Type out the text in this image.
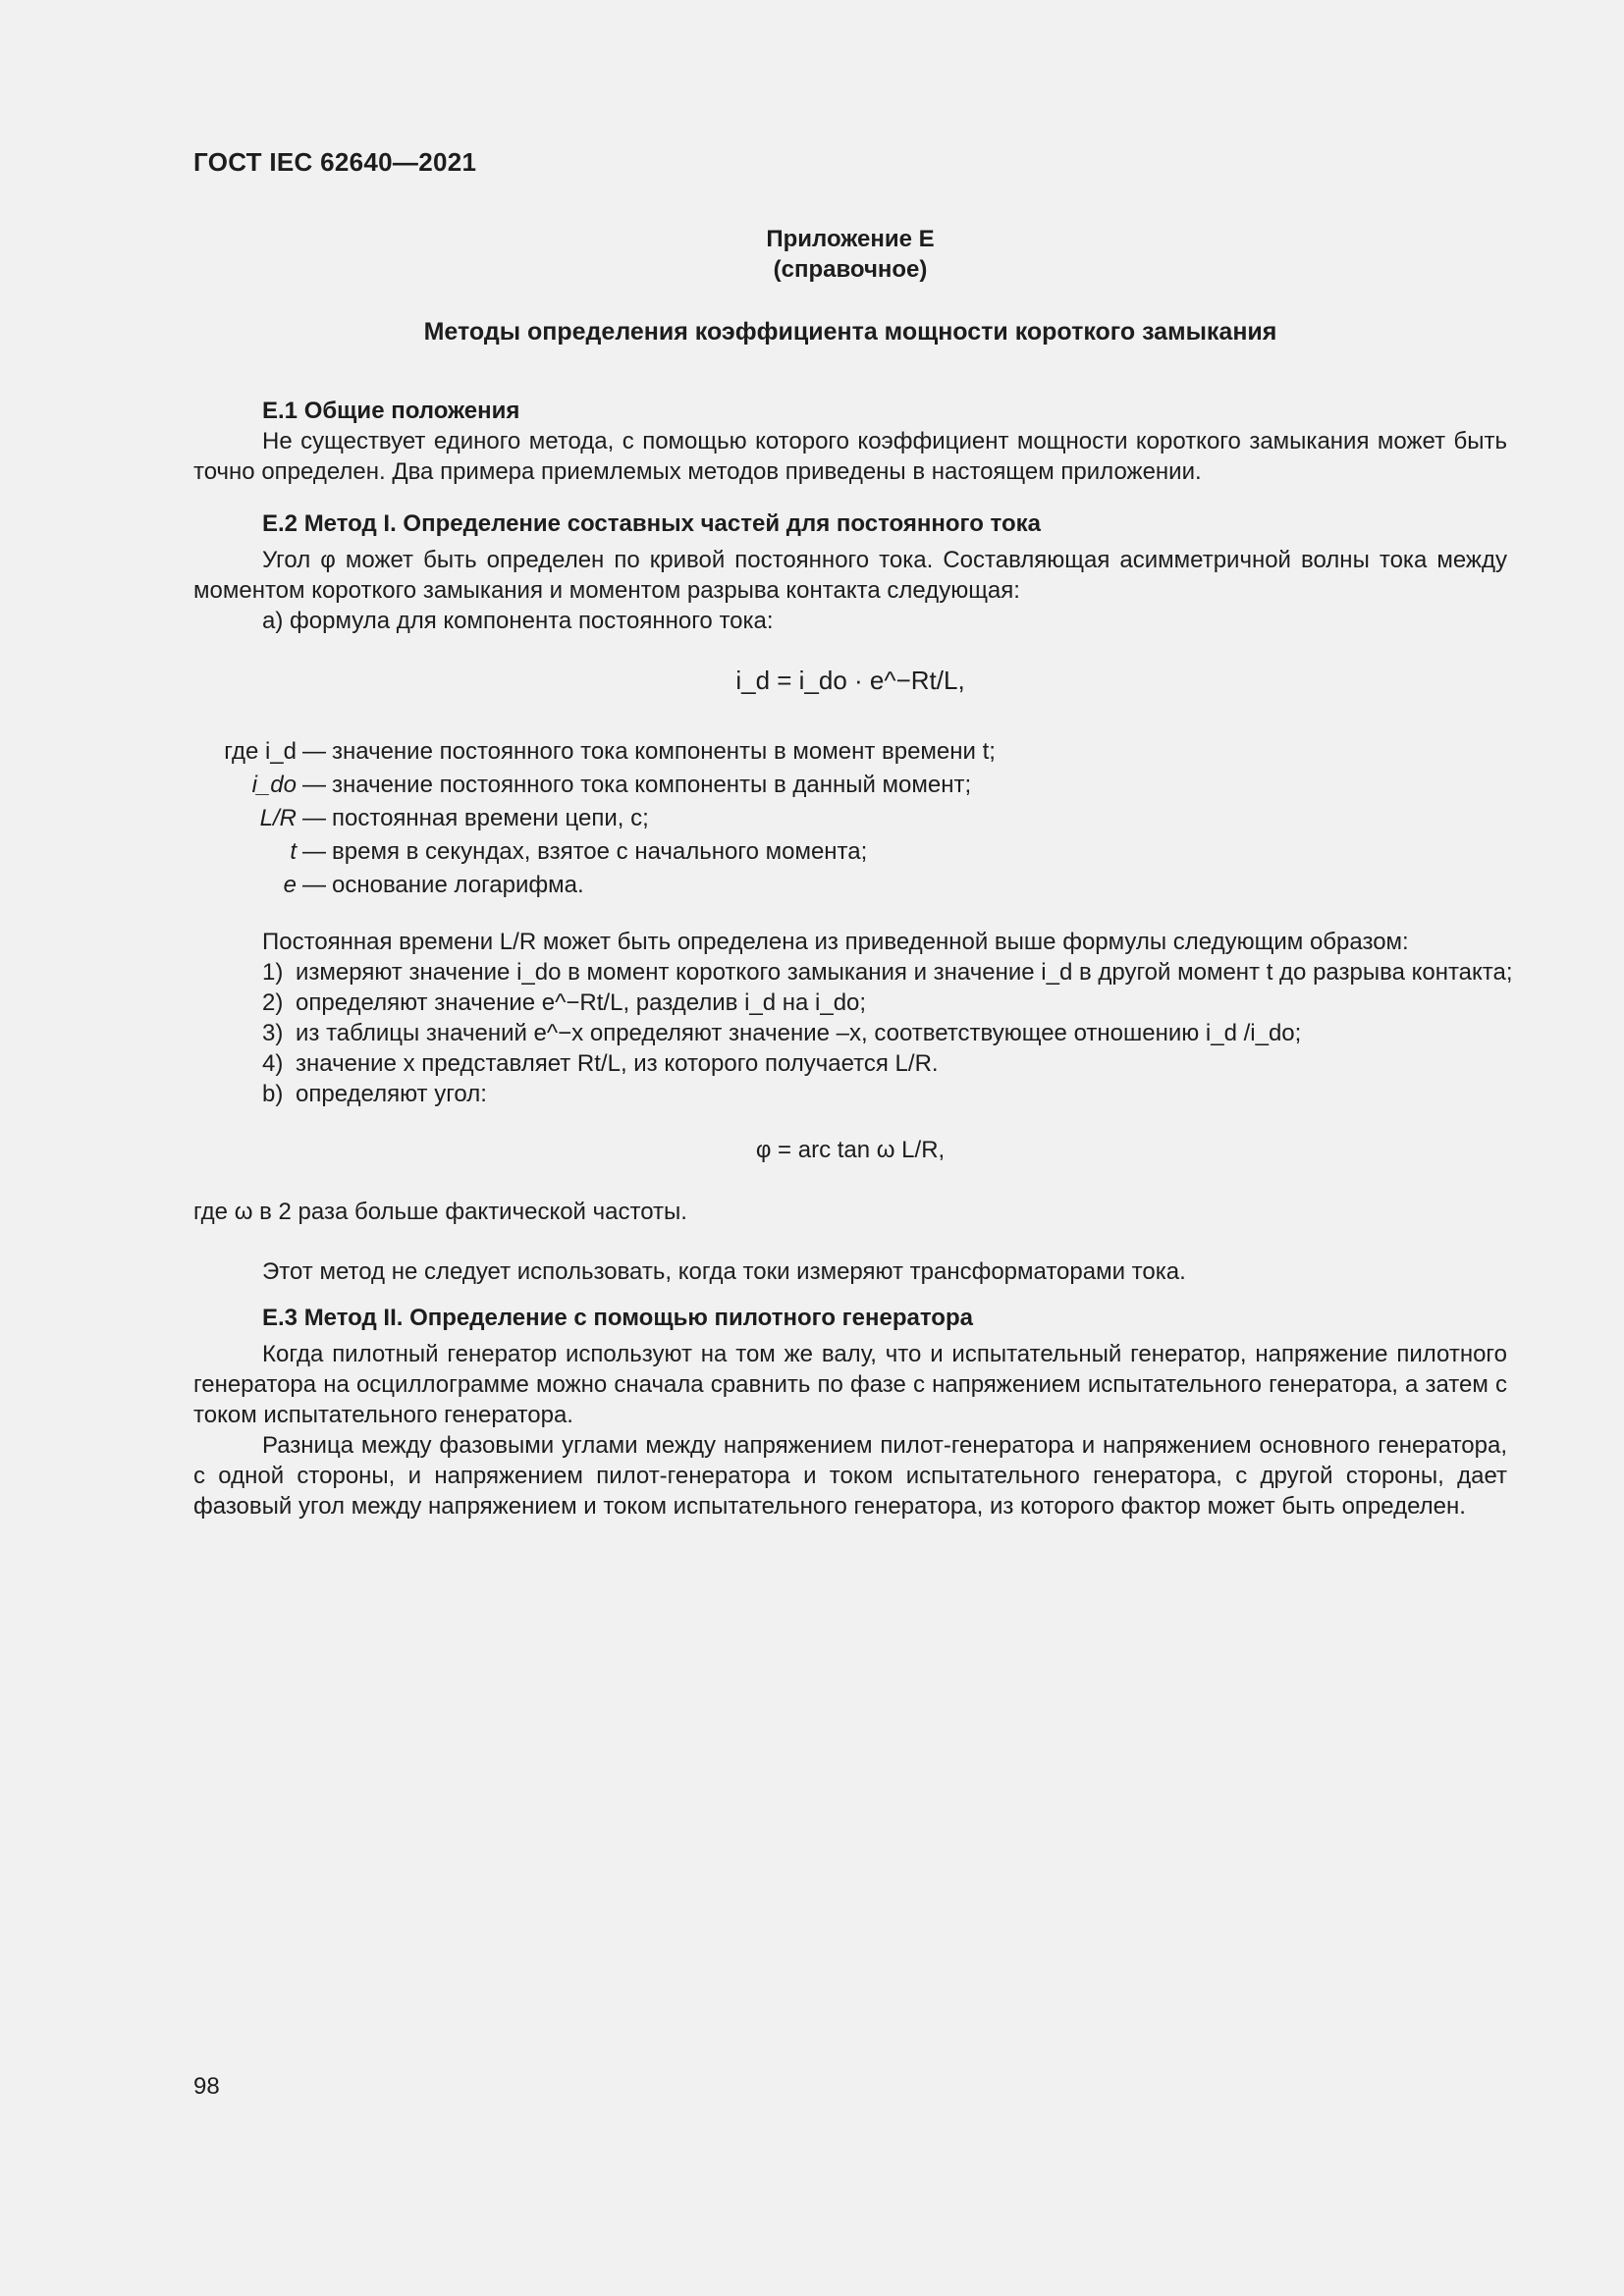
ГОСТ IEC 62640—2021
Приложение Е
(справочное)
Методы определения коэффициента мощности короткого замыкания

Е.1 Общие положения

Не существует единого метода, с помощью которого коэффициент мощности короткого замыкания может быть точно определен. Два примера приемлемых методов приведены в настоящем приложении.

Е.2 Метод I. Определение составных частей для постоянного тока

Угол φ может быть определен по кривой постоянного тока. Составляющая асимметричной волны тока между моментом короткого замыкания и моментом разрыва контакта следующая:

а) формула для компонента постоянного тока:

i_d = i_do · e^−Rt/L,
где i_d — значение постоянного тока компоненты в момент времени t;
i_do — значение постоянного тока компоненты в данный момент;
L/R — постоянная времени цепи, с;
t — время в секундах, взятое с начального момента;
e — основание логарифма.

Постоянная времени L/R может быть определена из приведенной выше формулы следующим образом:

1) измеряют значение i_do в момент короткого замыкания и значение i_d в другой момент t до разрыва контакта;
2) определяют значение e^−Rt/L, разделив i_d на i_do;
3) из таблицы значений e^−x определяют значение –x, соответствующее отношению i_d /i_do;
4) значение x представляет Rt/L, из которого получается L/R.
b) определяют угол:
φ = arc tan ω L/R,

где ω в 2 раза больше фактической частоты.

Этот метод не следует использовать, когда токи измеряют трансформаторами тока.

Е.3 Метод II. Определение с помощью пилотного генератора

Когда пилотный генератор используют на том же валу, что и испытательный генератор, напряжение пилотного генератора на осциллограмме можно сначала сравнить по фазе с напряжением испытательного генератора, а затем с током испытательного генератора.

Разница между фазовыми углами между напряжением пилот-генератора и напряжением основного генератора, с одной стороны, и напряжением пилот-генератора и током испытательного генератора, с другой стороны, дает фазовый угол между напряжением и током испытательного генератора, из которого фактор может быть определен.

98
